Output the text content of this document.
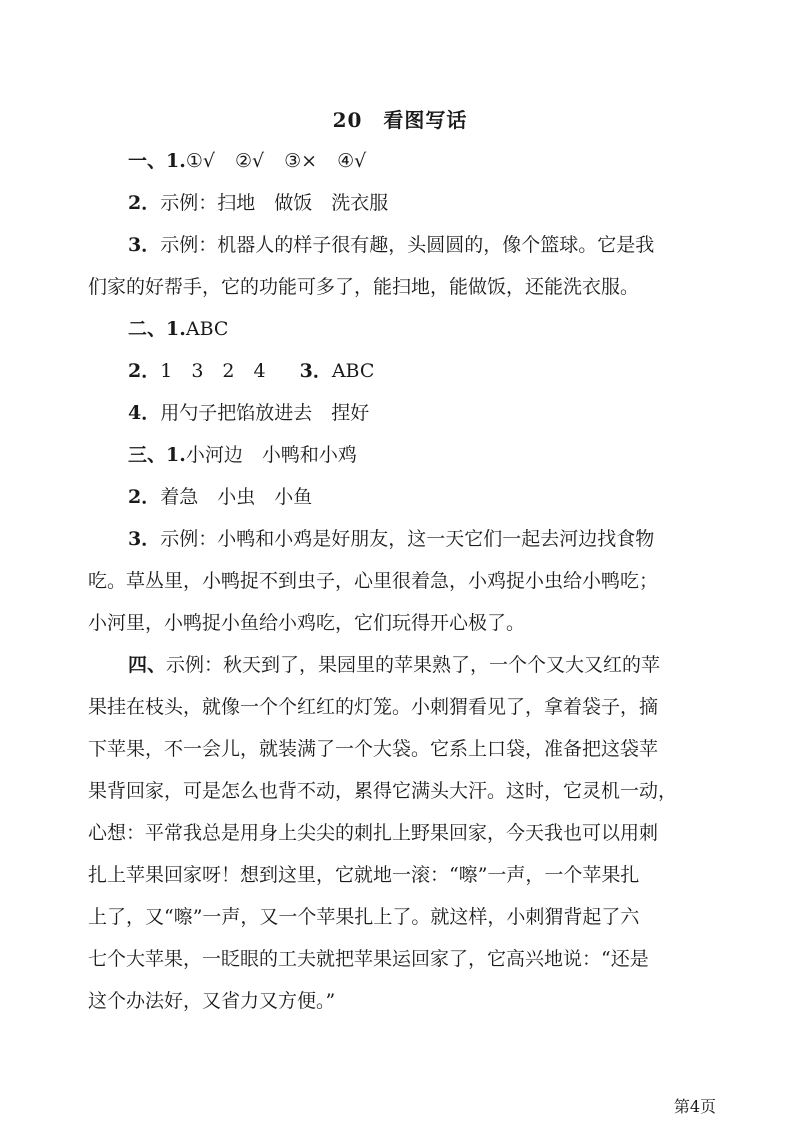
20　看图写话
一、1.①√ ②√ ③× ④√
2．示例：扫地　做饭　洗衣服
3．示例：机器人的样子很有趣，头圆圆的，像个篮球。它是我
们家的好帮手，它的功能可多了，能扫地，能做饭，还能洗衣服。
二、1.ABC
2．1　3　2　4 3．ABC
4．用勺子把馅放进去　捏好
三、1.小河边　小鸭和小鸡
2．着急　小虫　小鱼
3．示例：小鸭和小鸡是好朋友，这一天它们一起去河边找食物
吃。草丛里，小鸭捉不到虫子，心里很着急，小鸡捉小虫给小鸭吃；
小河里，小鸭捉小鱼给小鸡吃，它们玩得开心极了。
四、示例：秋天到了，果园里的苹果熟了，一个个又大又红的苹
果挂在枝头，就像一个个红红的灯笼。小刺猬看见了，拿着袋子，摘
下苹果，不一会儿，就装满了一个大袋。它系上口袋，准备把这袋苹
果背回家，可是怎么也背不动，累得它满头大汗。这时，它灵机一动，
心想：平常我总是用身上尖尖的刺扎上野果回家，今天我也可以用刺
扎上苹果回家呀！想到这里，它就地一滚：“嚓”一声，一个苹果扎
上了，又“嚓”一声，又一个苹果扎上了。就这样，小刺猬背起了六
七个大苹果，一眨眼的工夫就把苹果运回家了，它高兴地说：“还是
这个办法好，又省力又方便。”
第4页
